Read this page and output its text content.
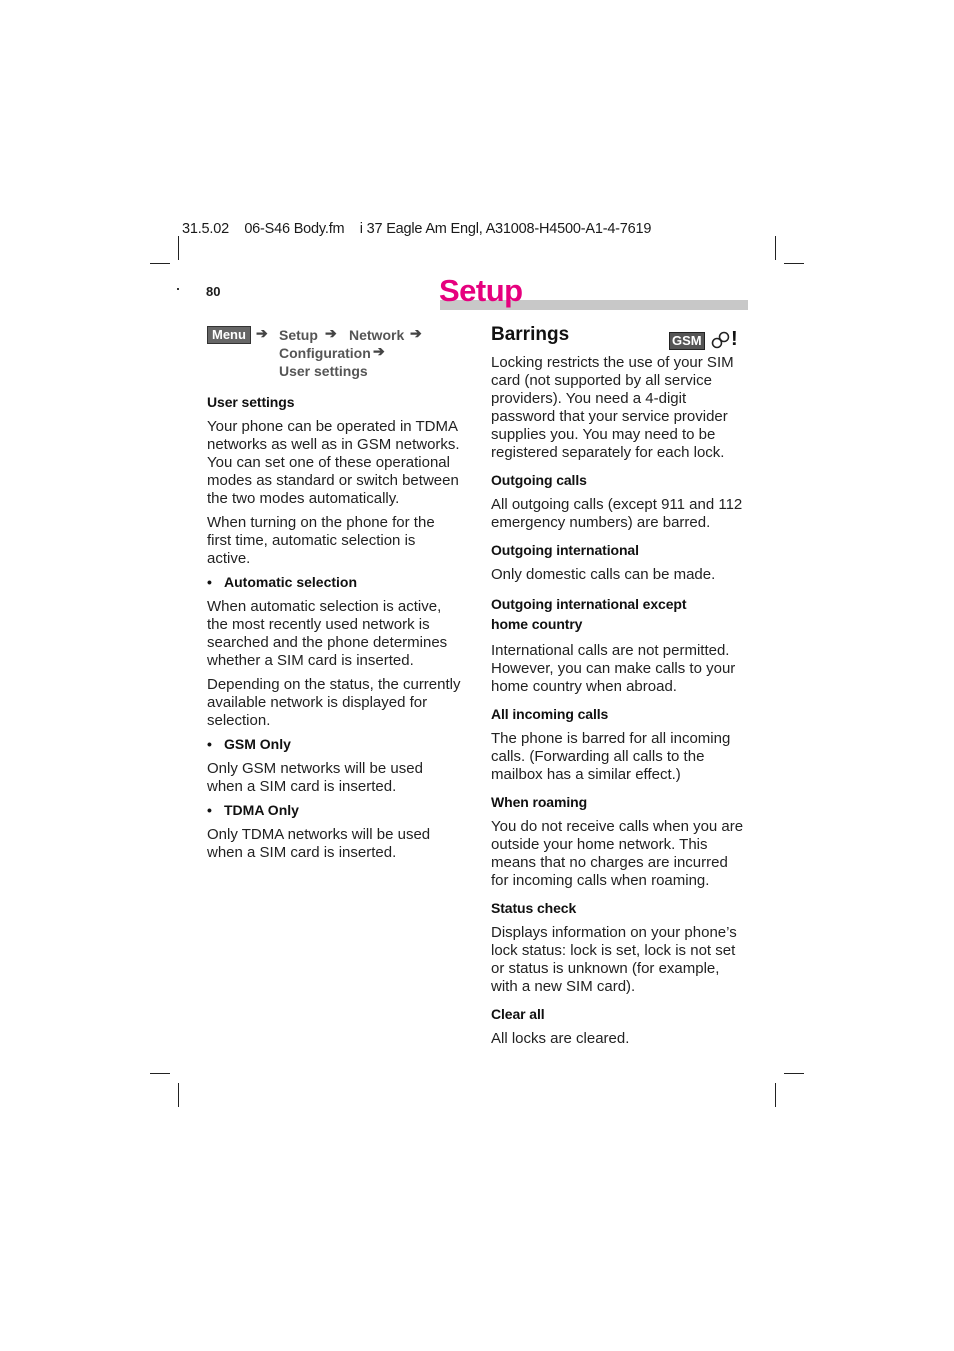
31.5.02 06-S46 Body.fm i 37 Eagle Am Engl, A31008-H4500-A1-4-7619
80	Setup
Menu ➔ Setup ➔ Network ➔
Configuration ➔
User settings
User settings

Your phone can be operated in TDMA networks as well as in GSM networks. You can set one of these operational modes as standard or switch between the two modes automatically.

When turning on the phone for the first time, automatic selection is active.

• Automatic selection

When automatic selection is active, the most recently used network is searched and the phone determines whether a SIM card is inserted.

Depending on the status, the currently available network is displayed for selection.

• GSM Only

Only GSM networks will be used when a SIM card is inserted.

• TDMA Only

Only TDMA networks will be used when a SIM card is inserted.

Barrings	GSM !

Locking restricts the use of your SIM card (not supported by all service providers). You need a 4-digit password that your service provider supplies you. You may need to be registered separately for each lock.

Outgoing calls

All outgoing calls (except 911 and 112 emergency numbers) are barred.

Outgoing international

Only domestic calls can be made.

Outgoing international except
home country

International calls are not permitted. However, you can make calls to your home country when abroad.

All incoming calls

The phone is barred for all incoming calls. (Forwarding all calls to the mailbox has a similar effect.)

When roaming

You do not receive calls when you are outside your home network. This means that no charges are incurred for incoming calls when roaming.

Status check

Displays information on your phone’s lock status: lock is set, lock is not set or status is unknown (for example, with a new SIM card).

Clear all

All locks are cleared.
